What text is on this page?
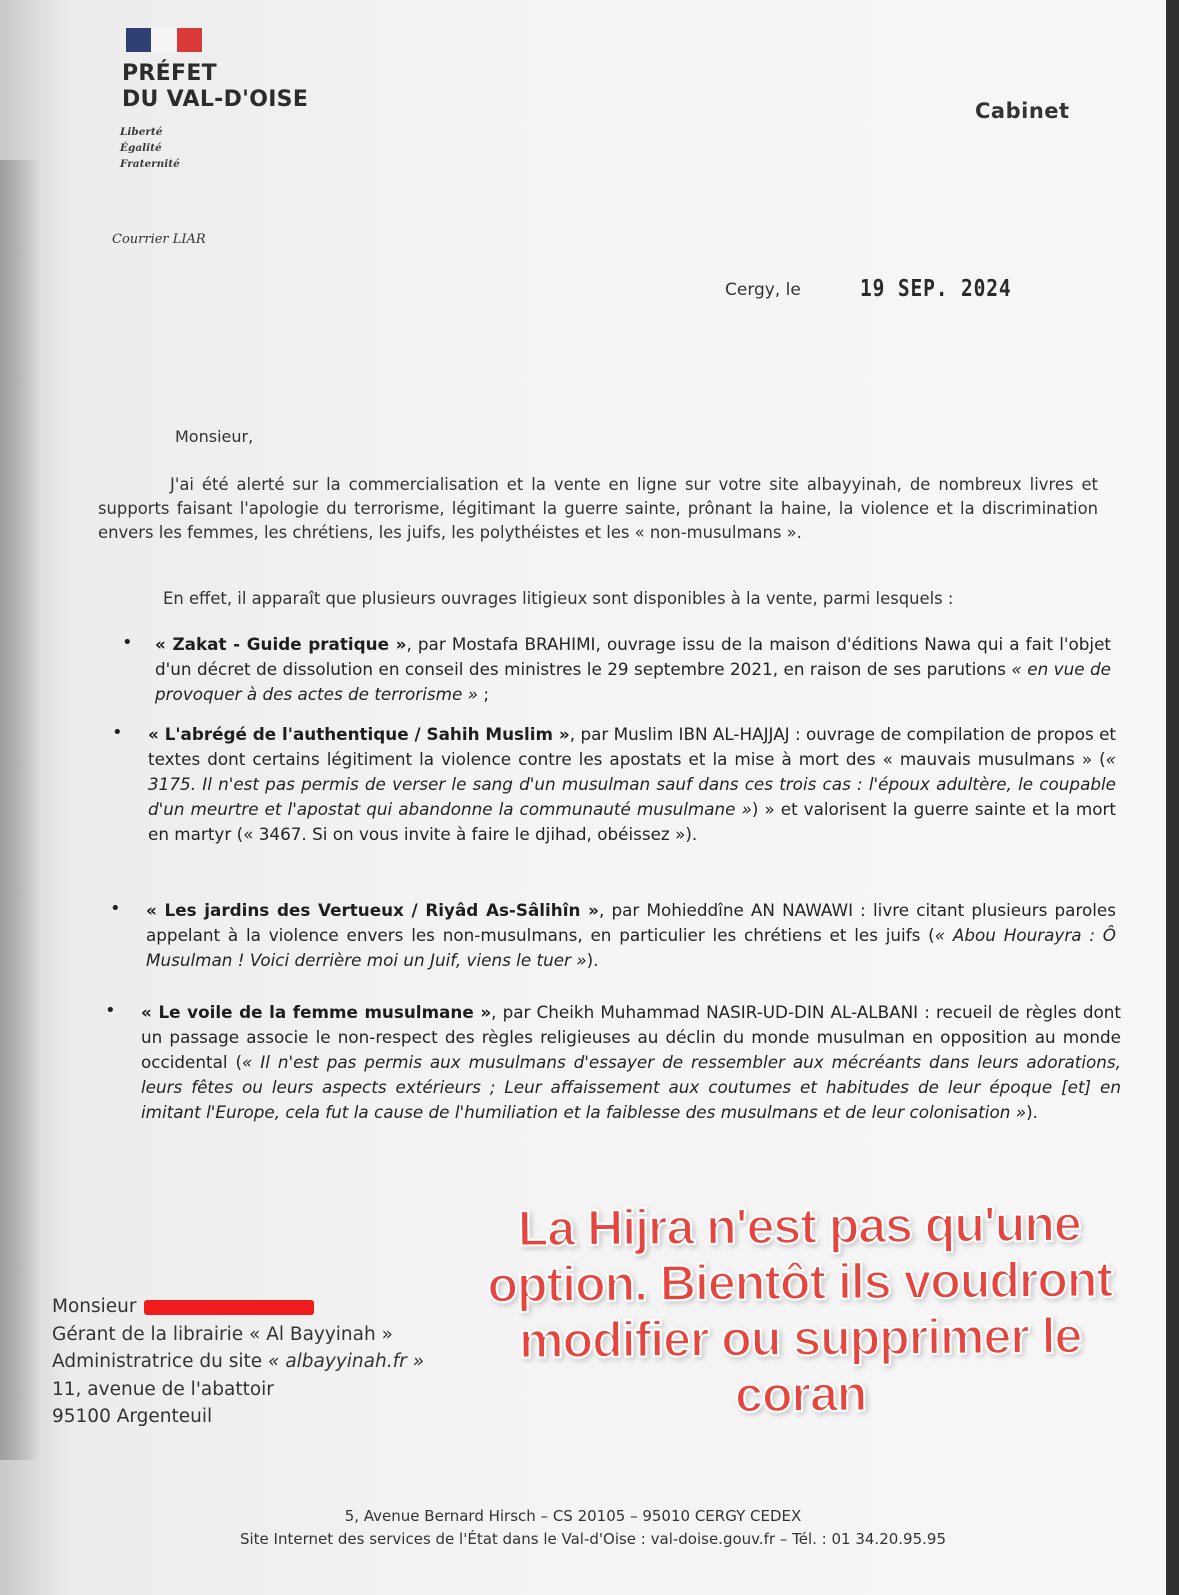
PRÉFET
DU VAL-D'OISE
Liberté
Égalité
Fraternité
Cabinet
Courrier LIAR
Cergy, le	19 SEP. 2024
Monsieur,
J'ai été alerté sur la commercialisation et la vente en ligne sur votre site albayyinah, de nombreux livres et supports faisant l'apologie du terrorisme, légitimant la guerre sainte, prônant la haine, la violence et la discrimination envers les femmes, les chrétiens, les juifs, les polythéistes et les « non-musulmans ».
En effet, il apparaît que plusieurs ouvrages litigieux sont disponibles à la vente, parmi lesquels :
• « Zakat - Guide pratique », par Mostafa BRAHIMI, ouvrage issu de la maison d'éditions Nawa qui a fait l'objet d'un décret de dissolution en conseil des ministres le 29 septembre 2021, en raison de ses parutions « en vue de provoquer à des actes de terrorisme » ;
• « L'abrégé de l'authentique / Sahih Muslim », par Muslim IBN AL-HAJJAJ : ouvrage de compilation de propos et textes dont certains légitiment la violence contre les apostats et la mise à mort des « mauvais musulmans » (« 3175. Il n'est pas permis de verser le sang d'un musulman sauf dans ces trois cas : l'époux adultère, le coupable d'un meurtre et l'apostat qui abandonne la communauté musulmane ») » et valorisent la guerre sainte et la mort en martyr (« 3467. Si on vous invite à faire le djihad, obéissez »).
• « Les jardins des Vertueux / Riyâd As-Sâlihîn », par Mohieddîne AN NAWAWI : livre citant plusieurs paroles appelant à la violence envers les non-musulmans, en particulier les chrétiens et les juifs (« Abou Hourayra : Ô Musulman ! Voici derrière moi un Juif, viens le tuer »).
• « Le voile de la femme musulmane », par Cheikh Muhammad NASIR-UD-DIN AL-ALBANI : recueil de règles dont un passage associe le non-respect des règles religieuses au déclin du monde musulman en opposition au monde occidental (« Il n'est pas permis aux musulmans d'essayer de ressembler aux mécréants dans leurs adorations, leurs fêtes ou leurs aspects extérieurs ; Leur affaissement aux coutumes et habitudes de leur époque [et] en imitant l'Europe, cela fut la cause de l'humiliation et la faiblesse des musulmans et de leur colonisation »).
Monsieur
Gérant de la librairie « Al Bayyinah »
Administratrice du site « albayyinah.fr »
11, avenue de l'abattoir
95100 Argenteuil
La Hijra n'est pas qu'une
option. Bientôt ils voudront
modifier ou supprimer le
coran
5, Avenue Bernard Hirsch – CS 20105 – 95010 CERGY CEDEX
Site Internet des services de l'État dans le Val-d'Oise : val-doise.gouv.fr – Tél. : 01 34.20.95.95
